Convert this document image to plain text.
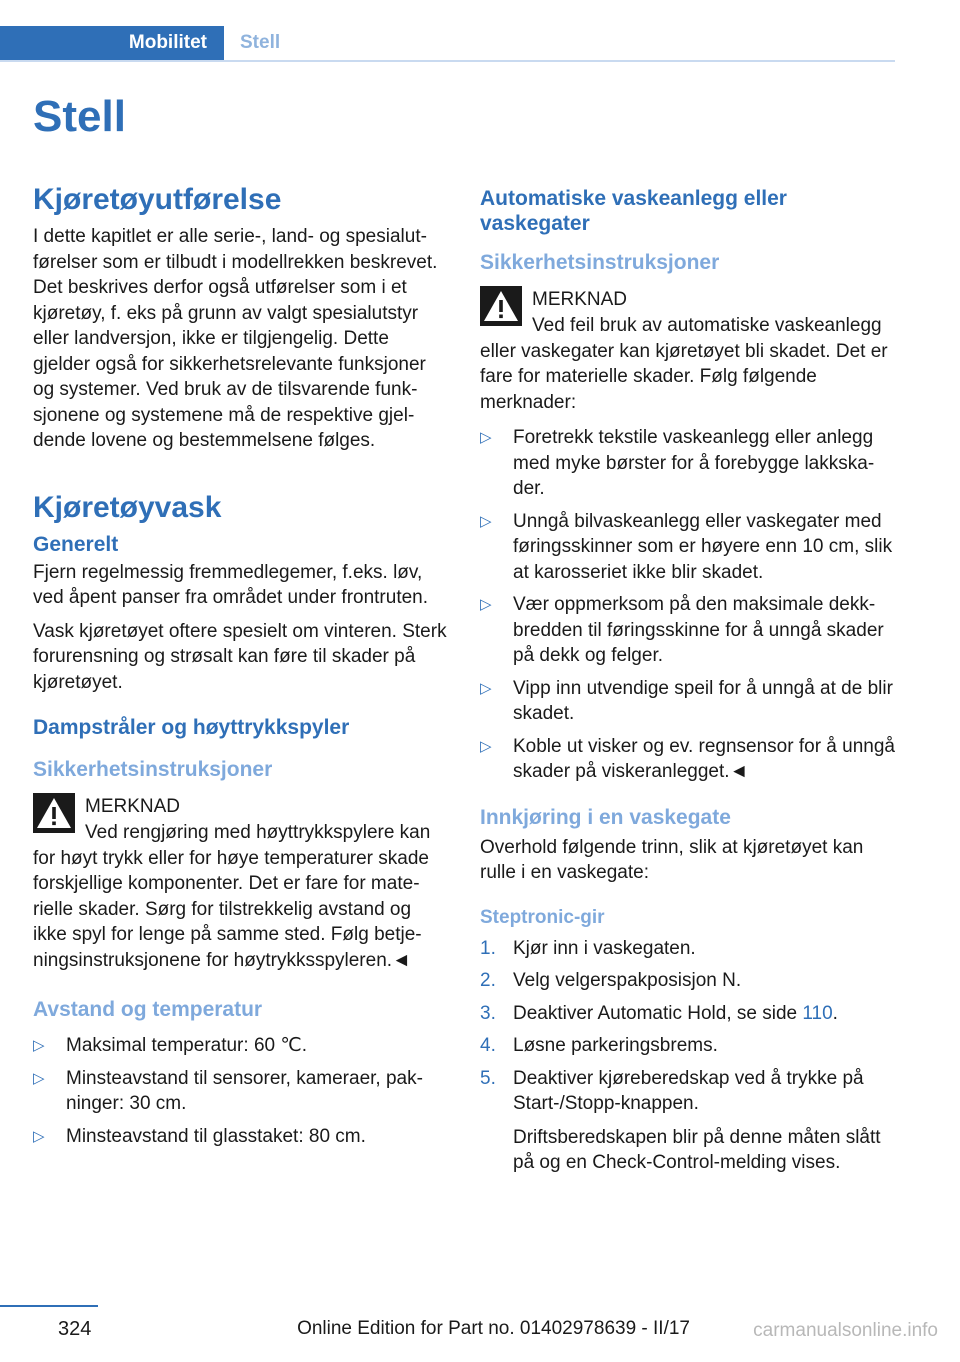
Mobilitet	Stell
Stell
Kjøretøyutførelse

I dette kapitlet er alle serie-, land- og spesialutførelser som er tilbudt i modellrekken beskrevet. Det beskrives derfor også utførelser som i et kjøretøy, f. eks på grunn av valgt spesialutstyr eller landversjon, ikke er tilgjengelig. Dette gjelder også for sikkerhetsrelevante funksjoner og systemer. Ved bruk av de tilsvarende funksjonene og systemene må de respektive gjeldende lovene og bestemmelsene følges.

Kjøretøyvask
Generelt

Fjern regelmessig fremmedlegemer, f.eks. løv, ved åpent panser fra området under frontruten.

Vask kjøretøyet oftere spesielt om vinteren. Sterk forurensning og strøsalt kan føre til skader på kjøretøyet.

Dampstråler og høyttrykkspyler
Sikkerhetsinstruksjoner
MERKNAD
Ved rengjøring med høyttrykkspylere kan for høyt trykk eller for høye temperaturer skade forskjellige komponenter. Det er fare for materielle skader. Sørg for tilstrekkelig avstand og ikke spyl for lenge på samme sted. Følg betjeningsinstruksjonene for høytrykksspyleren.◄
Avstand og temperatur
▷ Maksimal temperatur: 60 ℃.
▷ Minsteavstand til sensorer, kameraer, pakninger: 30 cm.
▷ Minsteavstand til glasstaket: 80 cm.
Automatiske vaskeanlegg eller vaskegater
Sikkerhetsinstruksjoner
MERKNAD
Ved feil bruk av automatiske vaskeanlegg eller vaskegater kan kjøretøyet bli skadet. Det er fare for materielle skader. Følg følgende merknader:
▷ Foretrekk tekstile vaskeanlegg eller anlegg med myke børster for å forebygge lakkskader.
▷ Unngå bilvaskeanlegg eller vaskegater med føringsskinner som er høyere enn 10 cm, slik at karosseriet ikke blir skadet.
▷ Vær oppmerksom på den maksimale dekkbredden til føringsskinne for å unngå skader på dekk og felger.
▷ Vipp inn utvendige speil for å unngå at de blir skadet.
▷ Koble ut visker og ev. regnsensor for å unngå skader på viskeranlegget.◄
Innkjøring i en vaskegate

Overhold følgende trinn, slik at kjøretøyet kan rulle i en vaskegate:

Steptronic-gir
1. Kjør inn i vaskegaten.
2. Velg velgerspakposisjon N.
3. Deaktiver Automatic Hold, se side 110.
4. Løsne parkeringsbrems.
5. Deaktiver kjøreberedskap ved å trykke på Start-/Stopp-knappen.
Driftsberedskapen blir på denne måten slått på og en Check-Control-melding vises.
324	Online Edition for Part no. 01402978639 - II/17	carmanualsonline.info
